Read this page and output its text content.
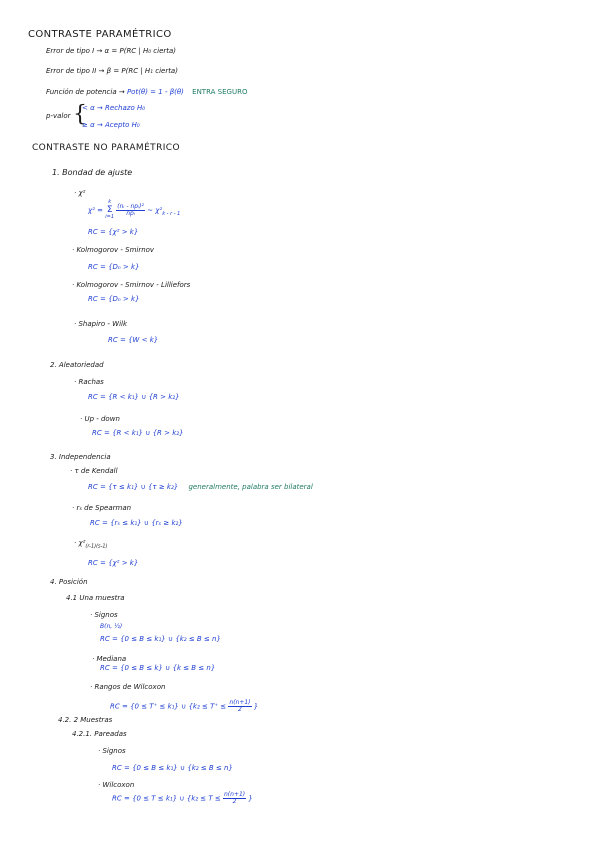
CONTRASTE PARAMÉTRICO
Error de tipo I → α = P(RC | H₀ cierta)
Error de tipo II → β = P(RC | H₁ cierta)
Función de potencia → Pot(θ) = 1 - β(θ) ENTRA SEGURO
p-valor {
< α → Rechazo H₀
≥ α → Acepto H₀
CONTRASTE NO PARAMÉTRICO
1. Bondad de ajuste
· χ²
χ² = k
Σ
i=1
$\frac{\text{(nᵢ - npᵢ)²}}{\text{npᵢ}}$ ~ $\chi^2_{k - r - 1}$
RC = {χ² > k}
· Kolmogorov - Smirnov
RC = {Dₙ > k}
· Kolmogorov - Smirnov - Lilliefors
RC = {Dₙ > k}
· Shapiro - Wilk
RC = {W < k}
2. Aleatoriedad
· Rachas
RC = {R < k₁} ∪ {R > k₂}
· Up - down
RC = {R < k₁} ∪ {R > k₂}
3. Independencia
· τ de Kendall
RC = {τ ≤ k₁} ∪ {τ ≥ k₂} generalmente, palabra ser bilateral
· rₛ de Spearman
RC = {rₛ ≤ k₁} ∪ {rₛ ≥ k₂}
· $\chi^2_{(r-1)(s-1)}$
RC = {χ² > k}
4. Posición
4.1 Una muestra
· Signos
B(n, ½)
RC = {0 ≤ B ≤ k₁} ∪ {k₂ ≤ B ≤ n}
· Mediana
RC = {0 ≤ B ≤ k} ∪ {k ≤ B ≤ n}
· Rangos de Wilcoxon
RC = {0 ≤ T⁺ ≤ k₁} ∪ {$k_2 \le T^+ \le \frac{n(n+1)}{2}$ }
4.2. 2 Muestras
4.2.1. Pareadas
· Signos
RC = {0 ≤ B ≤ k₁} ∪ {k₂ ≤ B ≤ n}
· Wilcoxon
RC = {0 ≤ T ≤ k₁} ∪ {$k_2 \le T \le \frac{n(n+1)}{2}$ }
